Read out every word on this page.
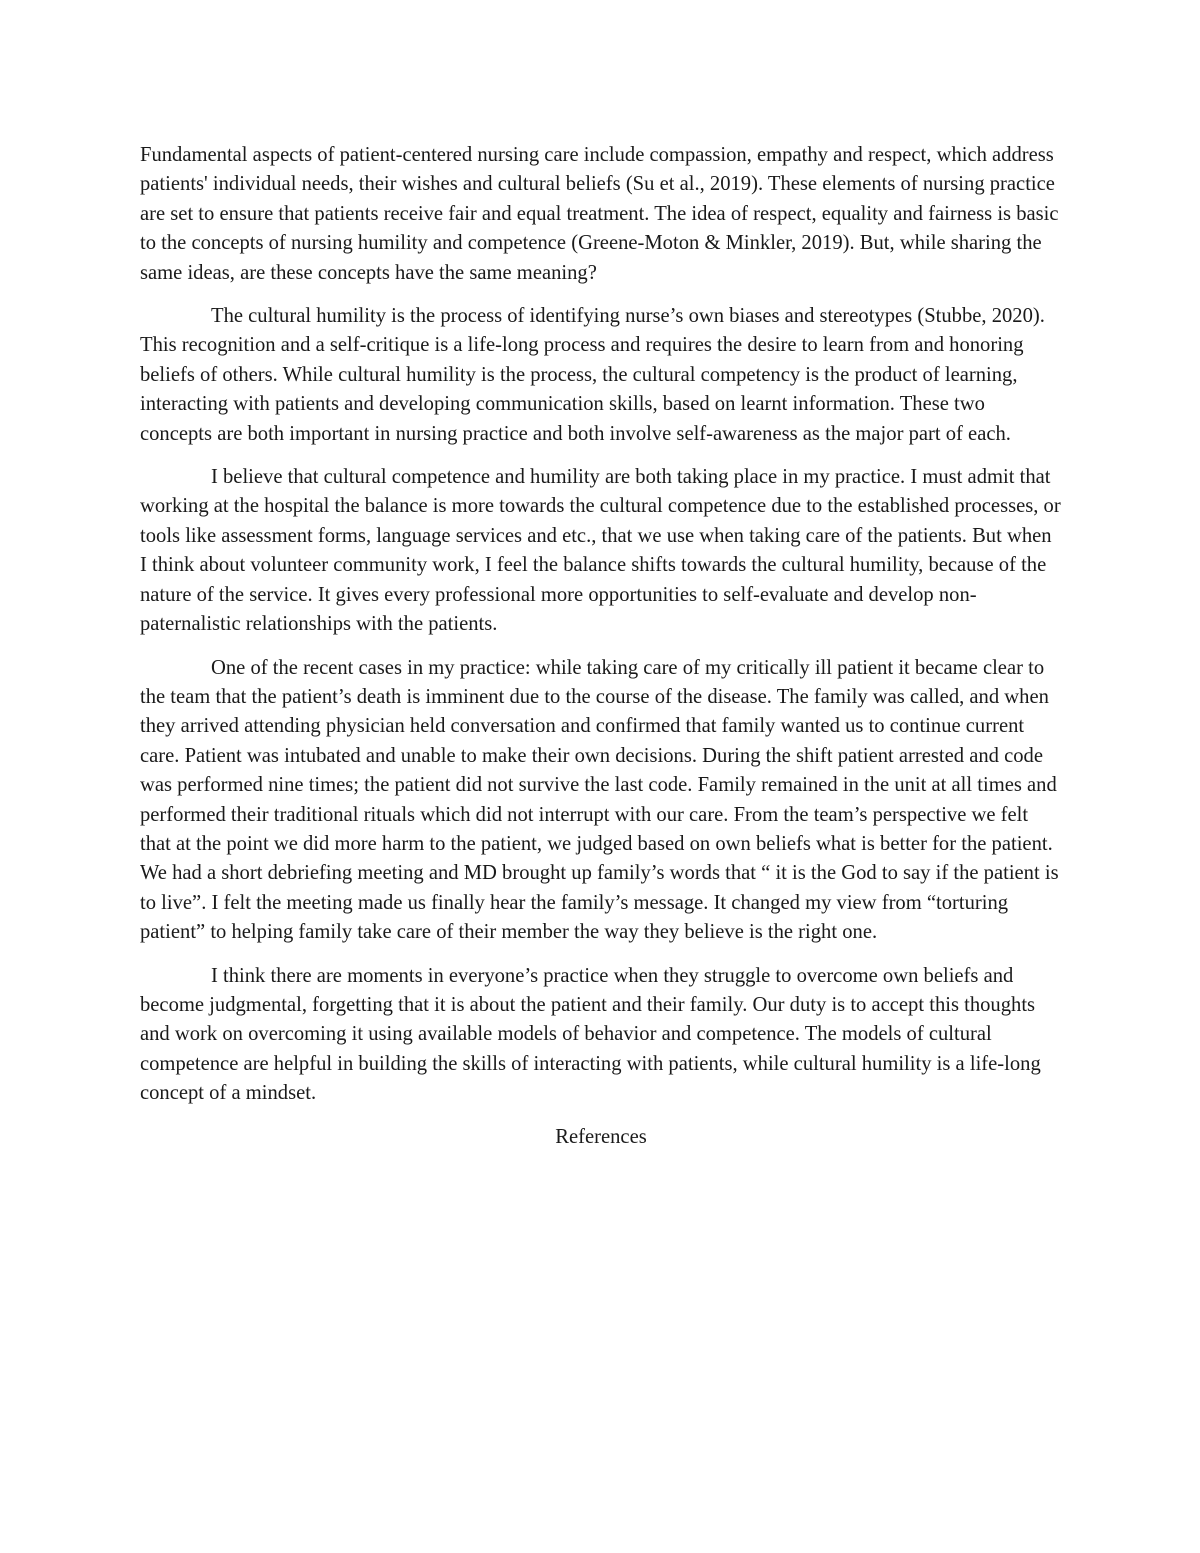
Fundamental aspects of patient-centered nursing care include compassion, empathy and respect, which address patients' individual needs, their wishes and cultural beliefs (Su et al., 2019). These elements of nursing practice are set to ensure that patients receive fair and equal treatment. The idea of respect, equality and fairness is basic to the concepts of nursing humility and competence (Greene-Moton & Minkler, 2019). But, while sharing the same ideas, are these concepts have the same meaning?

The cultural humility is the process of identifying nurse’s own biases and stereotypes (Stubbe, 2020). This recognition and a self-critique is a life-long process and requires the desire to learn from and honoring beliefs of others. While cultural humility is the process, the cultural competency is the product of learning, interacting with patients and developing communication skills, based on learnt information. These two concepts are both important in nursing practice and both involve self-awareness as the major part of each.

I believe that cultural competence and humility are both taking place in my practice. I must admit that working at the hospital the balance is more towards the cultural competence due to the established processes, or tools like assessment forms, language services and etc., that we use when taking care of the patients. But when I think about volunteer community work, I feel the balance shifts towards the cultural humility, because of the nature of the service. It gives every professional more opportunities to self-evaluate and develop non-paternalistic relationships with the patients.

One of the recent cases in my practice: while taking care of my critically ill patient it became clear to the team that the patient’s death is imminent due to the course of the disease. The family was called, and when they arrived attending physician held conversation and confirmed that family wanted us to continue current care. Patient was intubated and unable to make their own decisions. During the shift patient arrested and code was performed nine times; the patient did not survive the last code. Family remained in the unit at all times and performed their traditional rituals which did not interrupt with our care. From the team’s perspective we felt that at the point we did more harm to the patient, we judged based on own beliefs what is better for the patient. We had a short debriefing meeting and MD brought up family’s words that “ it is the God to say if the patient is to live”. I felt the meeting made us finally hear the family’s message. It changed my view from “torturing patient” to helping family take care of their member the way they believe is the right one.

I think there are moments in everyone’s practice when they struggle to overcome own beliefs and become judgmental, forgetting that it is about the patient and their family. Our duty is to accept this thoughts and work on overcoming it using available models of behavior and competence. The models of cultural competence are helpful in building the skills of interacting with patients, while cultural humility is a life-long concept of a mindset.

References
